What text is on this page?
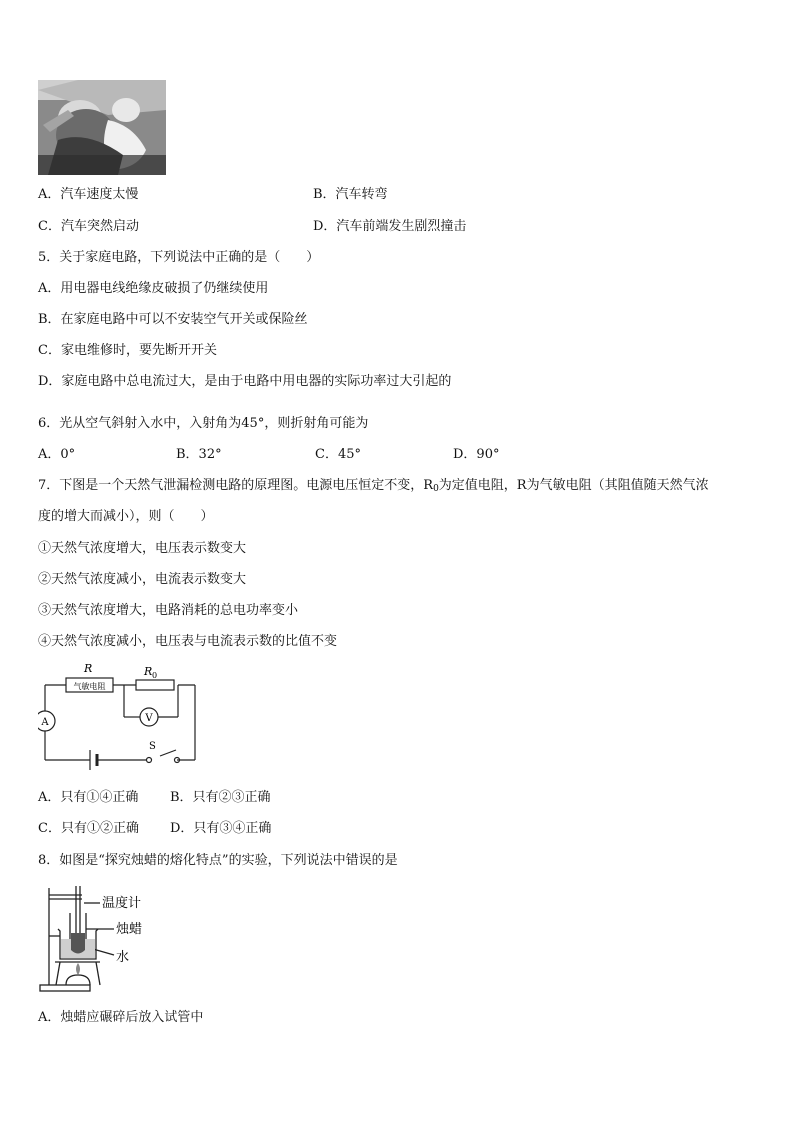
A．汽车速度太慢	B．汽车转弯
C．汽车突然启动	D．汽车前端发生剧烈撞击
5．关于家庭电路，下列说法中正确的是（　　）
A．用电器电线绝缘皮破损了仍继续使用
B．在家庭电路中可以不安装空气开关或保险丝
C．家电维修时，要先断开开关
D．家庭电路中总电流过大，是由于电路中用电器的实际功率过大引起的
6．光从空气斜射入水中，入射角为45°，则折射角可能为
A．0°	B．32°	C．45°	D．90°
7．下图是一个天然气泄漏检测电路的原理图。电源电压恒定不变，$R_0$为定值电阻，R为气敏电阻（其阻值随天然气浓
度的增大而减小），则（　　）
①天然气浓度增大，电压表示数变大
②天然气浓度减小，电流表示数变大
③天然气浓度增大，电路消耗的总电功率变小
④天然气浓度减小，电压表与电流表示数的比值不变
R
气敏电阻
R 0
V
A
S
A．只有①④正确 B．只有②③正确
C．只有①②正确 D．只有③④正确
8．如图是“探究烛蜡的熔化特点”的实验，下列说法中错误的是
温度计
烛蜡
水
A．烛蜡应碾碎后放入试管中
